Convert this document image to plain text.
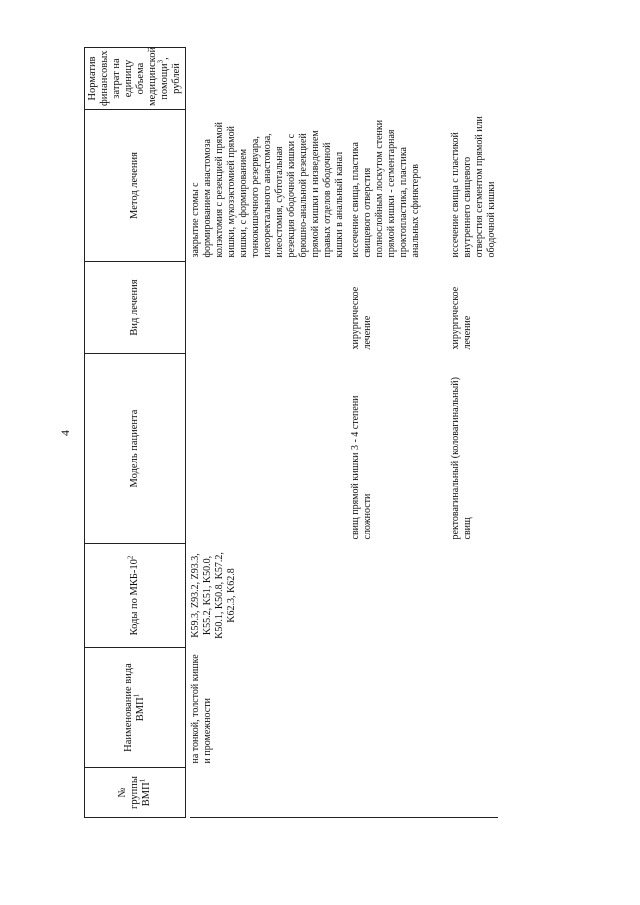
4
№ группы ВМП$^1$	Наименование вида ВМП$^1$	Коды по МКБ-$10^2$	Модель пациента	Вид лечения	Метод лечения	Норматив финансовых затрат на единицу объема медицинской помощи$^3$, рублей
	на тонкой, толстой кишке и промежности	K59.3, Z93.2, Z93.3, K55.2, K51, K50.0, K50.1, K50.8, K57.2, K62.3, K62.8			закрытие стомы с формированием анастомоза колэктомия с резекцией прямой кишки, мукозэктомией прямой кишки, с формированием тонкокишечного резервуара, илеоректального анастомоза, илеостомия, субтотальная резекция ободочной кишки с брюшно-анальной резекцией прямой кишки и низведением правых отделов ободочной кишки в анальный канал	
			свищ прямой кишки 3 - 4 степени сложности	хирургическое лечение	иссечение свища, пластика свищевого отверстия полнослойным лоскутом стенки прямой кишки - сегментарная проктопластика, пластика анальных сфинктеров	
			ректовагинальный (коловагинальный) свищ	хирургическое лечение	иссечение свища с пластикой внутреннего свищевого отверстия сегментом прямой или ободочной кишки	
